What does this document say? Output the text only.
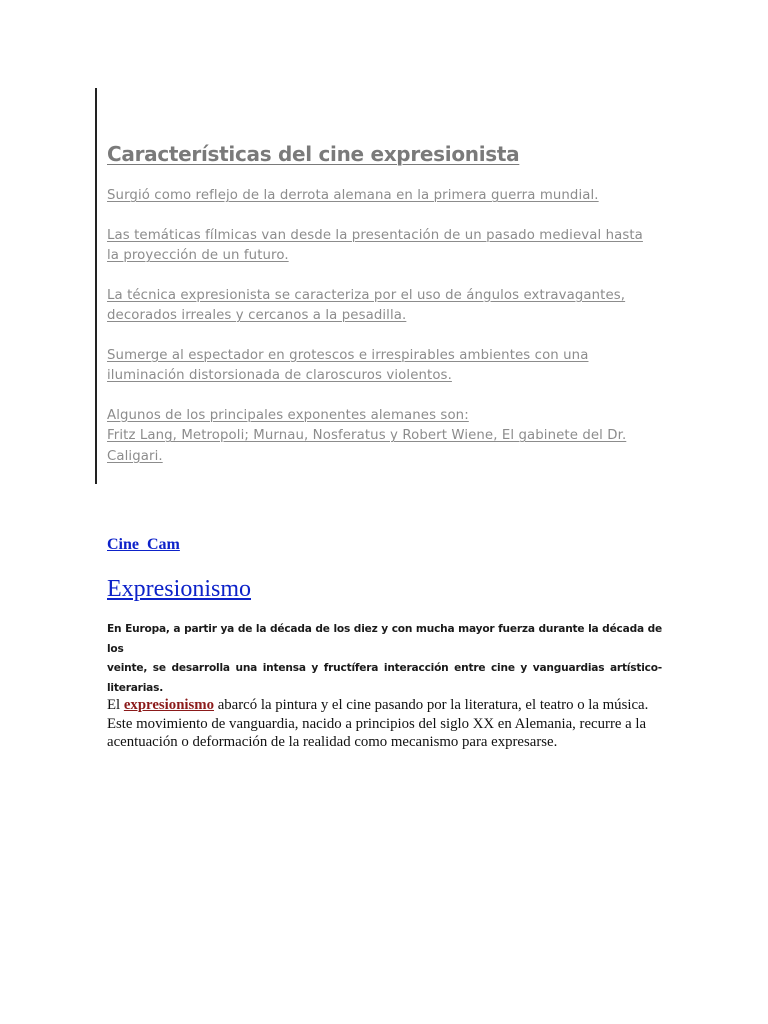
Características del cine expresionista
Surgió como reflejo de la derrota alemana en la primera guerra mundial.
Las temáticas fílmicas van desde la presentación de un pasado medieval hasta
la proyección de un futuro.
La técnica expresionista se caracteriza por el uso de ángulos extravagantes,
decorados irreales y cercanos a la pesadilla.
Sumerge al espectador en grotescos e irrespirables ambientes con una
iluminación distorsionada de claroscuros violentos.
Algunos de los principales exponentes alemanes son:
Fritz Lang, Metropoli; Murnau, Nosferatus y Robert Wiene, El gabinete del Dr.
Caligari.
Cine Cam
Expresionismo
En Europa, a partir ya de la década de los diez y con mucha mayor fuerza durante la década de los
veinte, se desarrolla una intensa y fructífera interacción entre cine y vanguardias artístico-
literarias.
El expresionismo abarcó la pintura y el cine pasando por la literatura, el teatro o la música.
Este movimiento de vanguardia, nacido a principios del siglo XX en Alemania, recurre a la
acentuación o deformación de la realidad como mecanismo para expresarse.
